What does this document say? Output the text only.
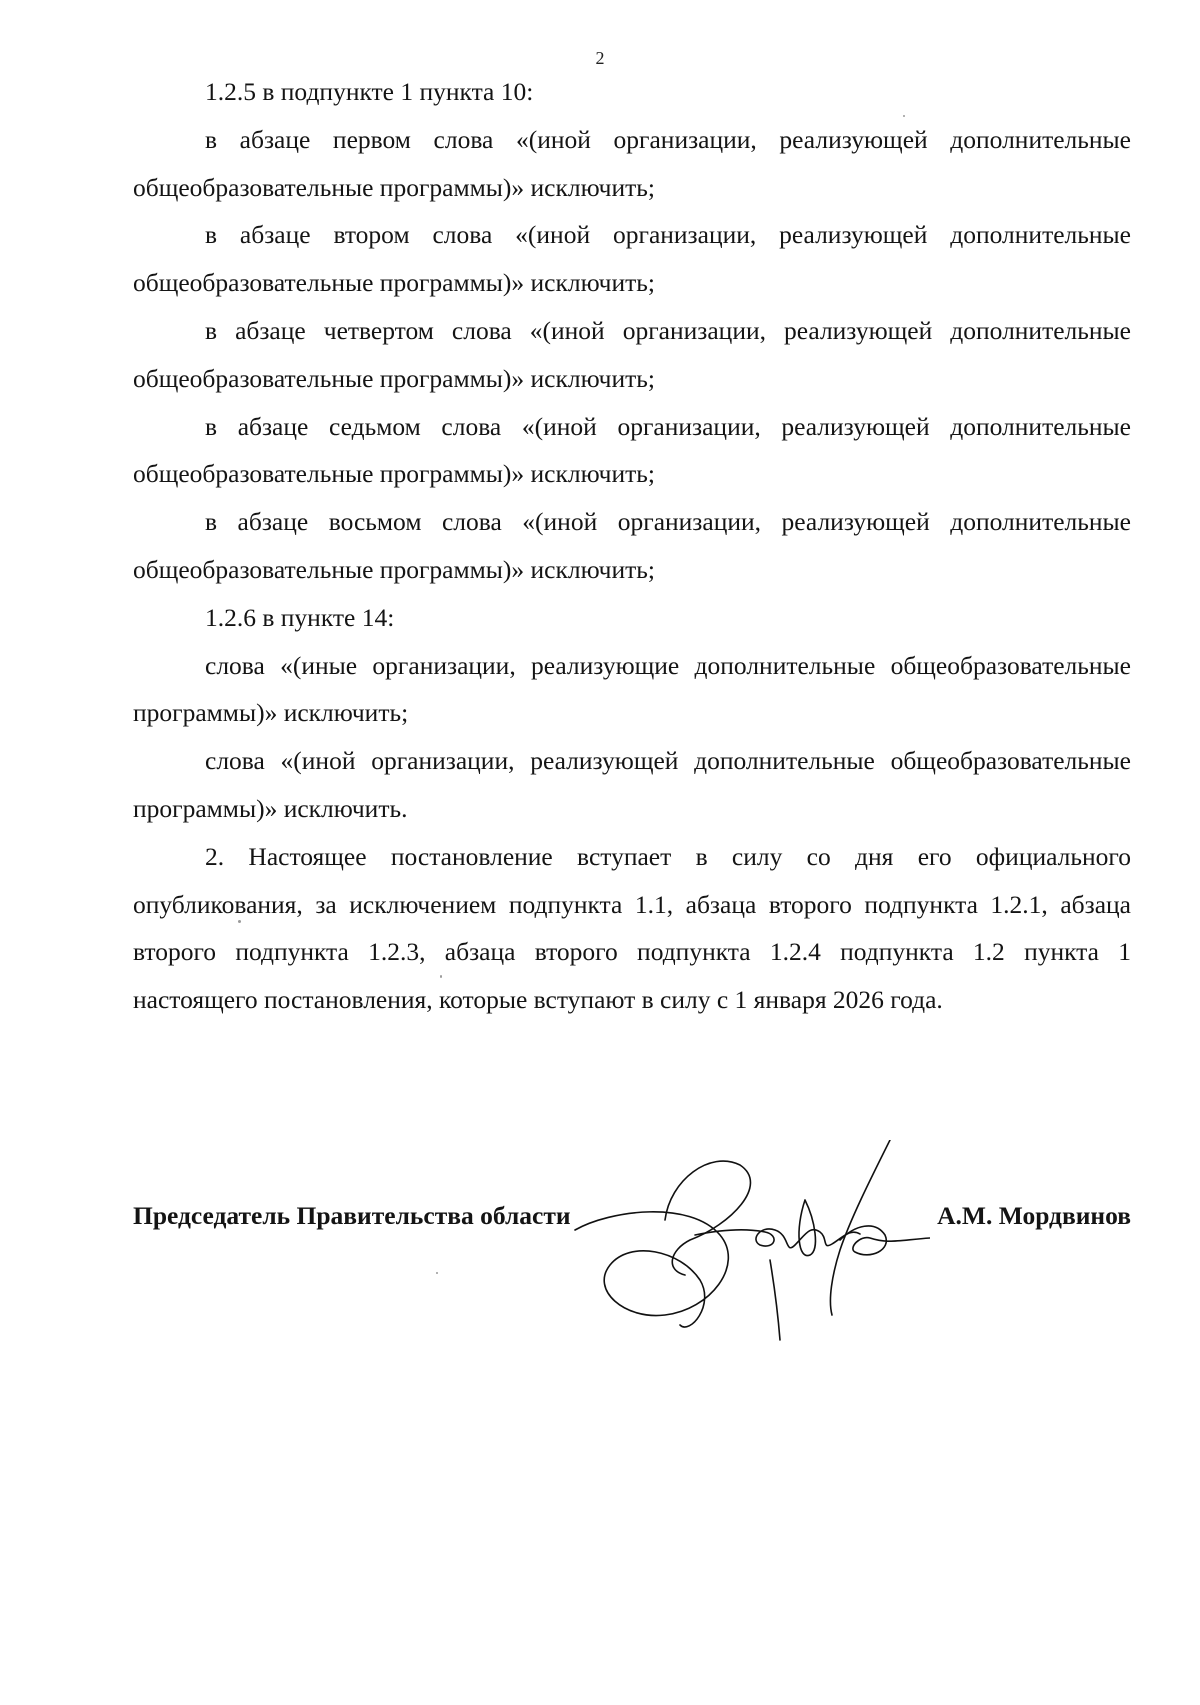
2

1.2.5 в подпункте 1 пункта 10:

в абзаце первом слова «(иной организации, реализующей дополнительные общеобразовательные программы)» исключить;

в абзаце втором слова «(иной организации, реализующей дополнительные общеобразовательные программы)» исключить;

в абзаце четвертом слова «(иной организации, реализующей дополнительные общеобразовательные программы)» исключить;

в абзаце седьмом слова «(иной организации, реализующей дополнительные общеобразовательные программы)» исключить;

в абзаце восьмом слова «(иной организации, реализующей дополнительные общеобразовательные программы)» исключить;

1.2.6 в пункте 14:

слова «(иные организации, реализующие дополнительные общеобразовательные программы)» исключить;

слова «(иной организации, реализующей дополнительные общеобразовательные программы)» исключить.

2. Настоящее постановление вступает в силу со дня его официального опубликования, за исключением подпункта 1.1, абзаца второго подпункта 1.2.1, абзаца второго подпункта 1.2.3, абзаца второго подпункта 1.2.4 подпункта 1.2 пункта 1 настоящего постановления, которые вступают в силу с 1 января 2026 года.

Председатель Правительства области	А.М. Мордвинов
